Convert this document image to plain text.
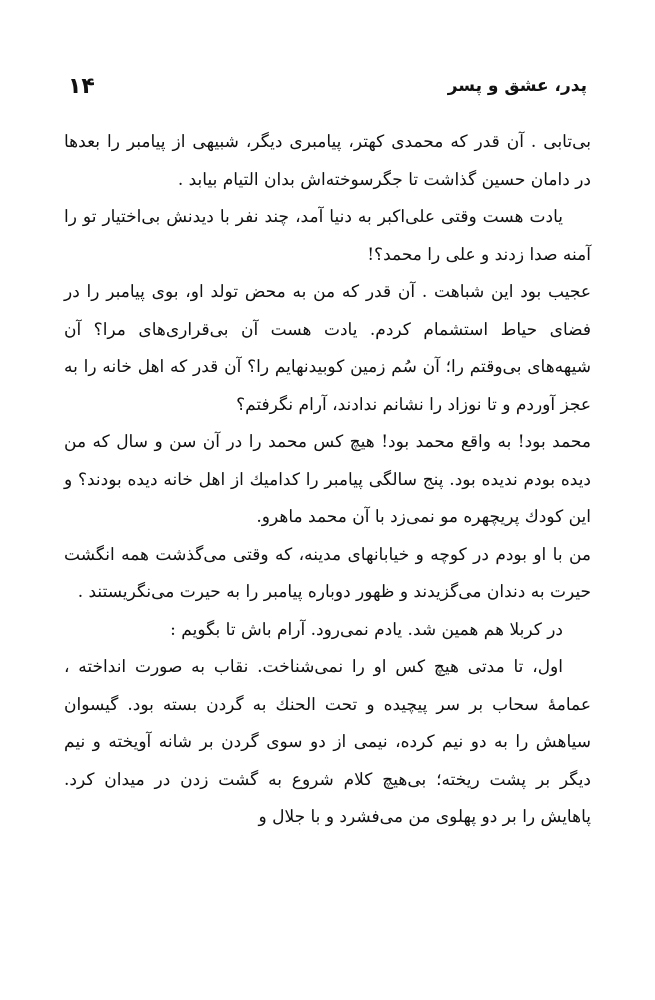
پدر، عشق و پسر
۱۴

بی‌تابی . آن قدر که محمدی کهتر، پیامبری دیگر، شبیهی از پیامبر را بعدها در دامان حسین گذاشت تا جگرسوخته‌اش بدان التیام بیابد .

یادت هست وقتی علی‌اکبر به دنیا آمد، چند نفر با دیدنش بی‌اختیار تو را آمنه صدا زدند و علی را محمد؟!

عجیب بود این شباهت . آن قدر که من به محض تولد او، بوی پیامبر را در فضای حیاط استشمام کردم. یادت هست آن بی‌قراری‌های مرا؟ آن شیهه‌های بی‌وقتم را؛ آن سُم زمین کوبیدنهایم را؟ آن قدر که اهل خانه را به عجز آوردم و تا نوزاد را نشانم ندادند، آرام نگرفتم؟

محمد بود! به واقع محمد بود! هیچ کس محمد را در آن سن و سال که من دیده بودم ندیده بود. پنج سالگی پیامبر را کدامیك از اهل خانه دیده بودند؟ و این کودك پریچهره مو نمی‌زد با آن محمد ماهرو.

من با او بودم در کوچه و خیابانهای مدینه، که وقتی می‌گذشت همه انگشت حیرت به دندان می‌گزیدند و ظهور دوباره پیامبر را به حیرت می‌نگریستند .

در کربلا هم همین شد. یادم نمی‌رود. آرام باش تا بگویم :

اول، تا مدتی هیچ کس او را نمی‌شناخت. نقاب به صورت انداخته ، عمامهٔ سحاب بر سر پیچیده و تحت الحنك به گردن بسته بود. گیسوان سیاهش را به دو نیم کرده، نیمی از دو سوی گردن بر شانه آویخته و نیم دیگر بر پشت ریخته؛ بی‌هیچ کلام شروع به گشت زدن در میدان کرد. پاهایش را بر دو پهلوی من می‌فشرد و با جلال و
